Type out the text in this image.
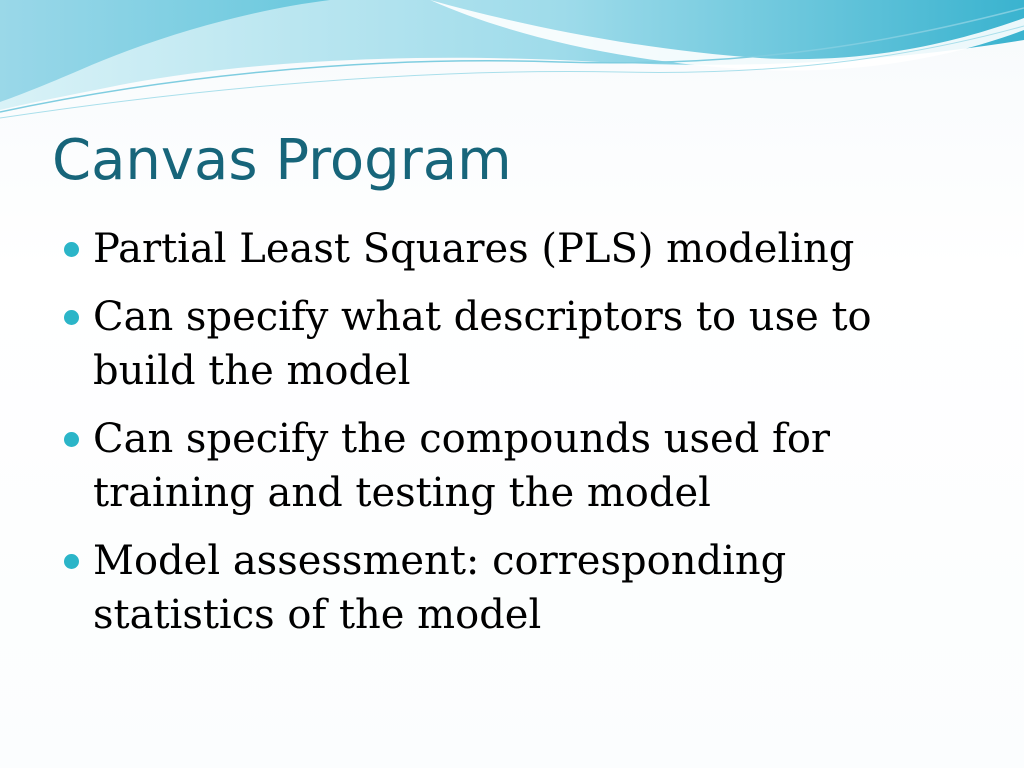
Canvas Program
Partial Least Squares (PLS) modeling
Can specify what descriptors to use to build the model
Can specify the compounds used for training and testing the model
Model assessment: corresponding statistics of the model
